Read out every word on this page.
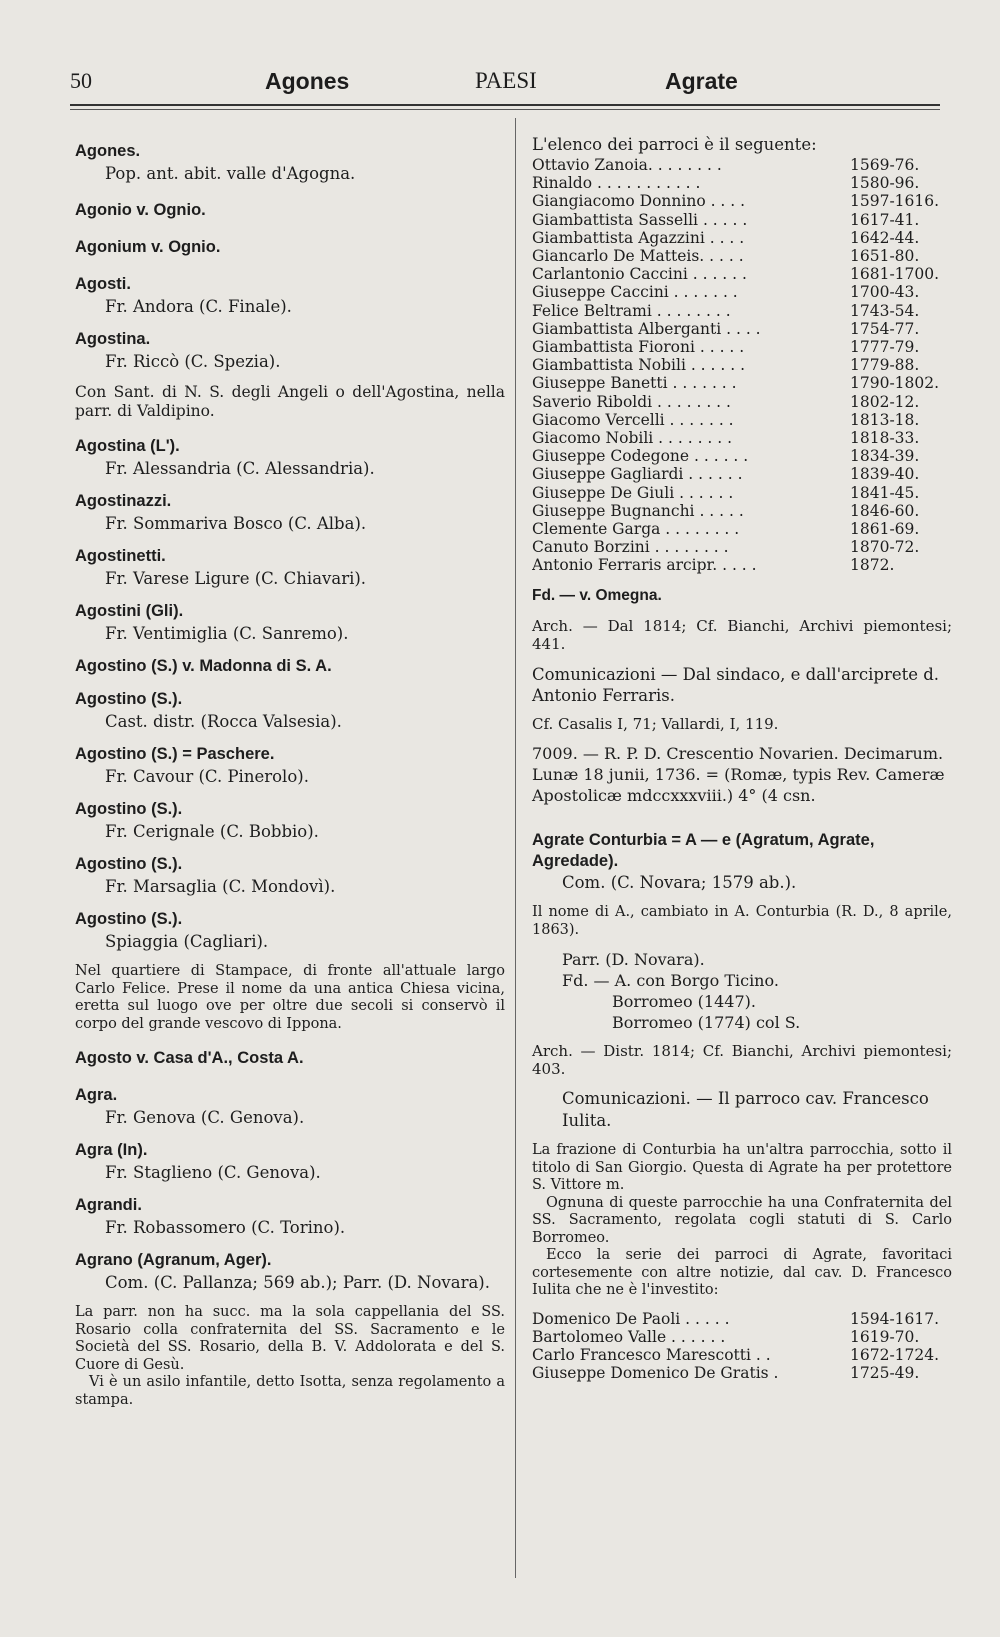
50	Agones	PAESI	Agrate
Agones.
Pop. ant. abit. valle d'Agogna.
Agonio v. Ognio.
Agonium v. Ognio.
Agosti.
Fr. Andora (C. Finale).
Agostina.
Fr. Riccò (C. Spezia).
Con Sant. di N. S. degli Angeli o dell'Agostina, nella parr. di Valdipino.
Agostina (L').
Fr. Alessandria (C. Alessandria).
Agostinazzi.
Fr. Sommariva Bosco (C. Alba).
Agostinetti.
Fr. Varese Ligure (C. Chiavari).
Agostini (Gli).
Fr. Ventimiglia (C. Sanremo).
Agostino (S.) v. Madonna di S. A.
Agostino (S.).
Cast. distr. (Rocca Valsesia).
Agostino (S.) = Paschere.
Fr. Cavour (C. Pinerolo).
Agostino (S.).
Fr. Cerignale (C. Bobbio).
Agostino (S.).
Fr. Marsaglia (C. Mondovì).
Agostino (S.).
Spiaggia (Cagliari).
Nel quartiere di Stampace, di fronte all'attuale largo Carlo Felice. Prese il nome da una antica Chiesa vicina, eretta sul luogo ove per oltre due secoli si conservò il corpo del grande vescovo di Ippona.
Agosto v. Casa d'A., Costa A.
Agra.
Fr. Genova (C. Genova).
Agra (In).
Fr. Staglieno (C. Genova).
Agrandi.
Fr. Robassomero (C. Torino).
Agrano (Agranum, Ager).
Com. (C. Pallanza; 569 ab.); Parr. (D. Novara).
La parr. non ha succ. ma la sola cappellania del SS. Rosario colla confraternita del SS. Sacramento e le Società del SS. Rosario, della B. V. Addolorata e del S. Cuore di Gesù.
Vi è un asilo infantile, detto Isotta, senza regolamento a stampa.
L'elenco dei parroci è il seguente:
Ottavio Zanoia. . . . . . . .	1569-76.
Rinaldo . . . . . . . . . . .	1580-96.
Giangiacomo Donnino . . . .	1597-1616.
Giambattista Sasselli . . . . .	1617-41.
Giambattista Agazzini . . . .	1642-44.
Giancarlo De Matteis. . . . .	1651-80.
Carlantonio Caccini . . . . . .	1681-1700.
Giuseppe Caccini . . . . . . .	1700-43.
Felice Beltrami . . . . . . . .	1743-54.
Giambattista Alberganti . . . .	1754-77.
Giambattista Fioroni . . . . .	1777-79.
Giambattista Nobili . . . . . .	1779-88.
Giuseppe Banetti . . . . . . .	1790-1802.
Saverio Riboldi . . . . . . . .	1802-12.
Giacomo Vercelli . . . . . . .	1813-18.
Giacomo Nobili . . . . . . . .	1818-33.
Giuseppe Codegone . . . . . .	1834-39.
Giuseppe Gagliardi . . . . . .	1839-40.
Giuseppe De Giuli . . . . . .	1841-45.
Giuseppe Bugnanchi . . . . .	1846-60.
Clemente Garga . . . . . . . .	1861-69.
Canuto Borzini . . . . . . . .	1870-72.
Antonio Ferraris arcipr. . . . .	1872.
Fd. — v. Omegna.
Arch. — Dal 1814; Cf. Bianchi, Archivi piemontesi; 441.
Comunicazioni — Dal sindaco, e dall'arciprete d. Antonio Ferraris.
Cf. Casalis I, 71; Vallardi, I, 119.
7009. — R. P. D. Crescentio Novarien. Decimarum. Lunæ 18 junii, 1736. = (Romæ, typis Rev. Cameræ Apostolicæ mdccxxxviii.) 4° (4 csn.
Agrate Conturbia = A — e (Agratum, Agrate, Agredade).
Com. (C. Novara; 1579 ab.).
Il nome di A., cambiato in A. Conturbia (R. D., 8 aprile, 1863).
Parr. (D. Novara).
Fd. — A. con Borgo Ticino.
Borromeo (1447).
Borromeo (1774) col S.
Arch. — Distr. 1814; Cf. Bianchi, Archivi piemontesi; 403.
Comunicazioni. — Il parroco cav. Francesco Iulita.
La frazione di Conturbia ha un'altra parrocchia, sotto il titolo di San Giorgio. Questa di Agrate ha per protettore S. Vittore m.
Ognuna di queste parrocchie ha una Confraternita del SS. Sacramento, regolata cogli statuti di S. Carlo Borromeo.
Ecco la serie dei parroci di Agrate, favoritaci cortesemente con altre notizie, dal cav. D. Francesco Iulita che ne è l'investito:
Domenico De Paoli . . . . .	1594-1617.
Bartolomeo Valle . . . . . .	1619-70.
Carlo Francesco Marescotti . .	1672-1724.
Giuseppe Domenico De Gratis .	1725-49.
